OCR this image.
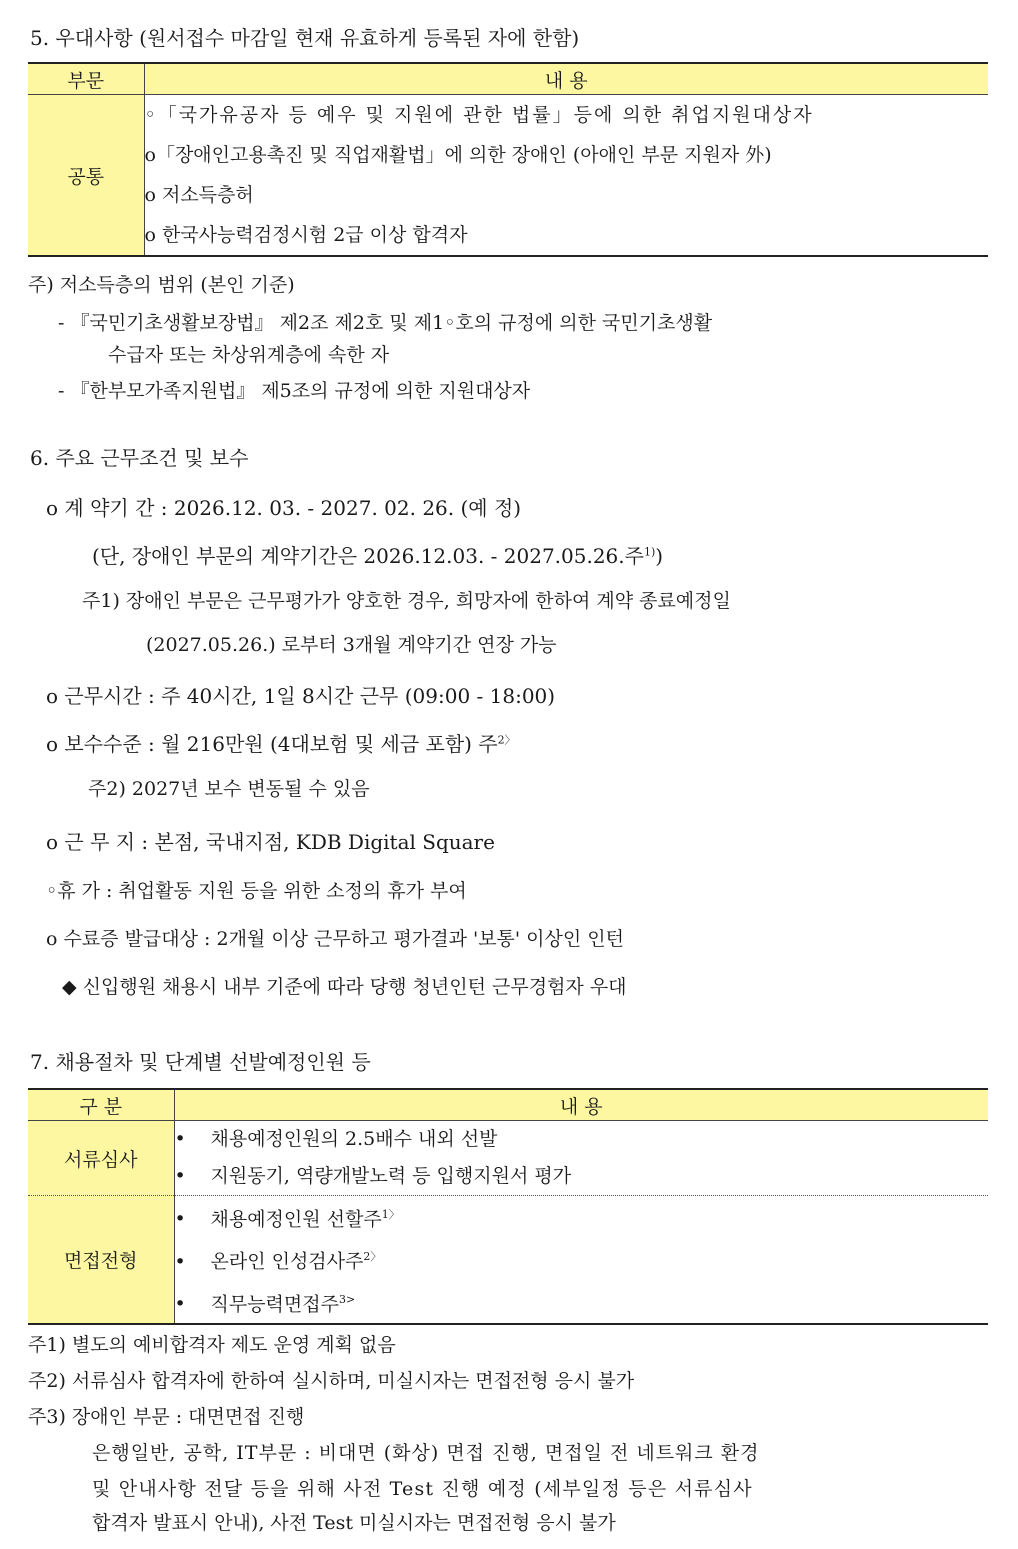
5. 우대사항 (원서접수 마감일 현재 유효하게 등록된 자에 한함)
부문	내 용
공통	◦「국가유공자 등 예우 및 지원에 관한 법률」등에 의한 취업지원대상자
	o「장애인고용촉진 및 직업재활법」에 의한 장애인 (아애인 부문 지원자 外)
	o 저소득층허
	o 한국사능력검정시험 2급 이상 합격자
주) 저소득층의 범위 (본인 기준)
- 『국민기초생활보장법』 제2조 제2호 및 제1◦호의 규정에 의한 국민기초생활
수급자 또는 차상위계층에 속한 자
- 『한부모가족지원법』 제5조의 규정에 의한 지원대상자
6. 주요 근무조건 및 보수
o 계 약기 간 : 2026.12. 03. - 2027. 02. 26. (예 정)
(단, 장애인 부문의 계약기간은 2026.12.03. - 2027.05.26.주$^{1)}$)
주1) 장애인 부문은 근무평가가 양호한 경우, 희망자에 한하여 계약 종료예정일
(2027.05.26.) 로부터 3개월 계약기간 연장 가능
o 근무시간 : 주 40시간, 1일 8시간 근무 (09:00 - 18:00)
o 보수수준 : 월 216만원 (4대보험 및 세금 포함) 주$^{2〉}$
주2) 2027년 보수 변동될 수 있음
o 근 무 지 : 본점, 국내지점, KDB Digital Square
◦휴 가 : 취업활동 지원 등을 위한 소정의 휴가 부여
o 수료증 발급대상 : 2개월 이상 근무하고 평가결과 '보통' 이상인 인턴
◆ 신입행원 채용시 내부 기준에 따라 당행 청년인턴 근무경험자 우대
7. 채용절차 및 단계별 선발예정인원 등
구 분	내 용
서류심사	• 채용예정인원의 2.5배수 내외 선발
	• 지원동기, 역량개발노력 등 입행지원서 평가
면접전형	• 채용예정인원 선할주$^{1〉}$
	• 온라인 인성검사주$^{2〉}$
	• 직무능력면접주$^{3>}$
주1) 별도의 예비합격자 제도 운영 계획 없음
주2) 서류심사 합격자에 한하여 실시하며, 미실시자는 면접전형 응시 불가
주3) 장애인 부문 : 대면면접 진행
은행일반, 공학, IT부문 : 비대면 (화상) 면접 진행, 면접일 전 네트워크 환경
및 안내사항 전달 등을 위해 사전 Test 진행 예정 (세부일정 등은 서류심사
합격자 발표시 안내), 사전 Test 미실시자는 면접전형 응시 불가
